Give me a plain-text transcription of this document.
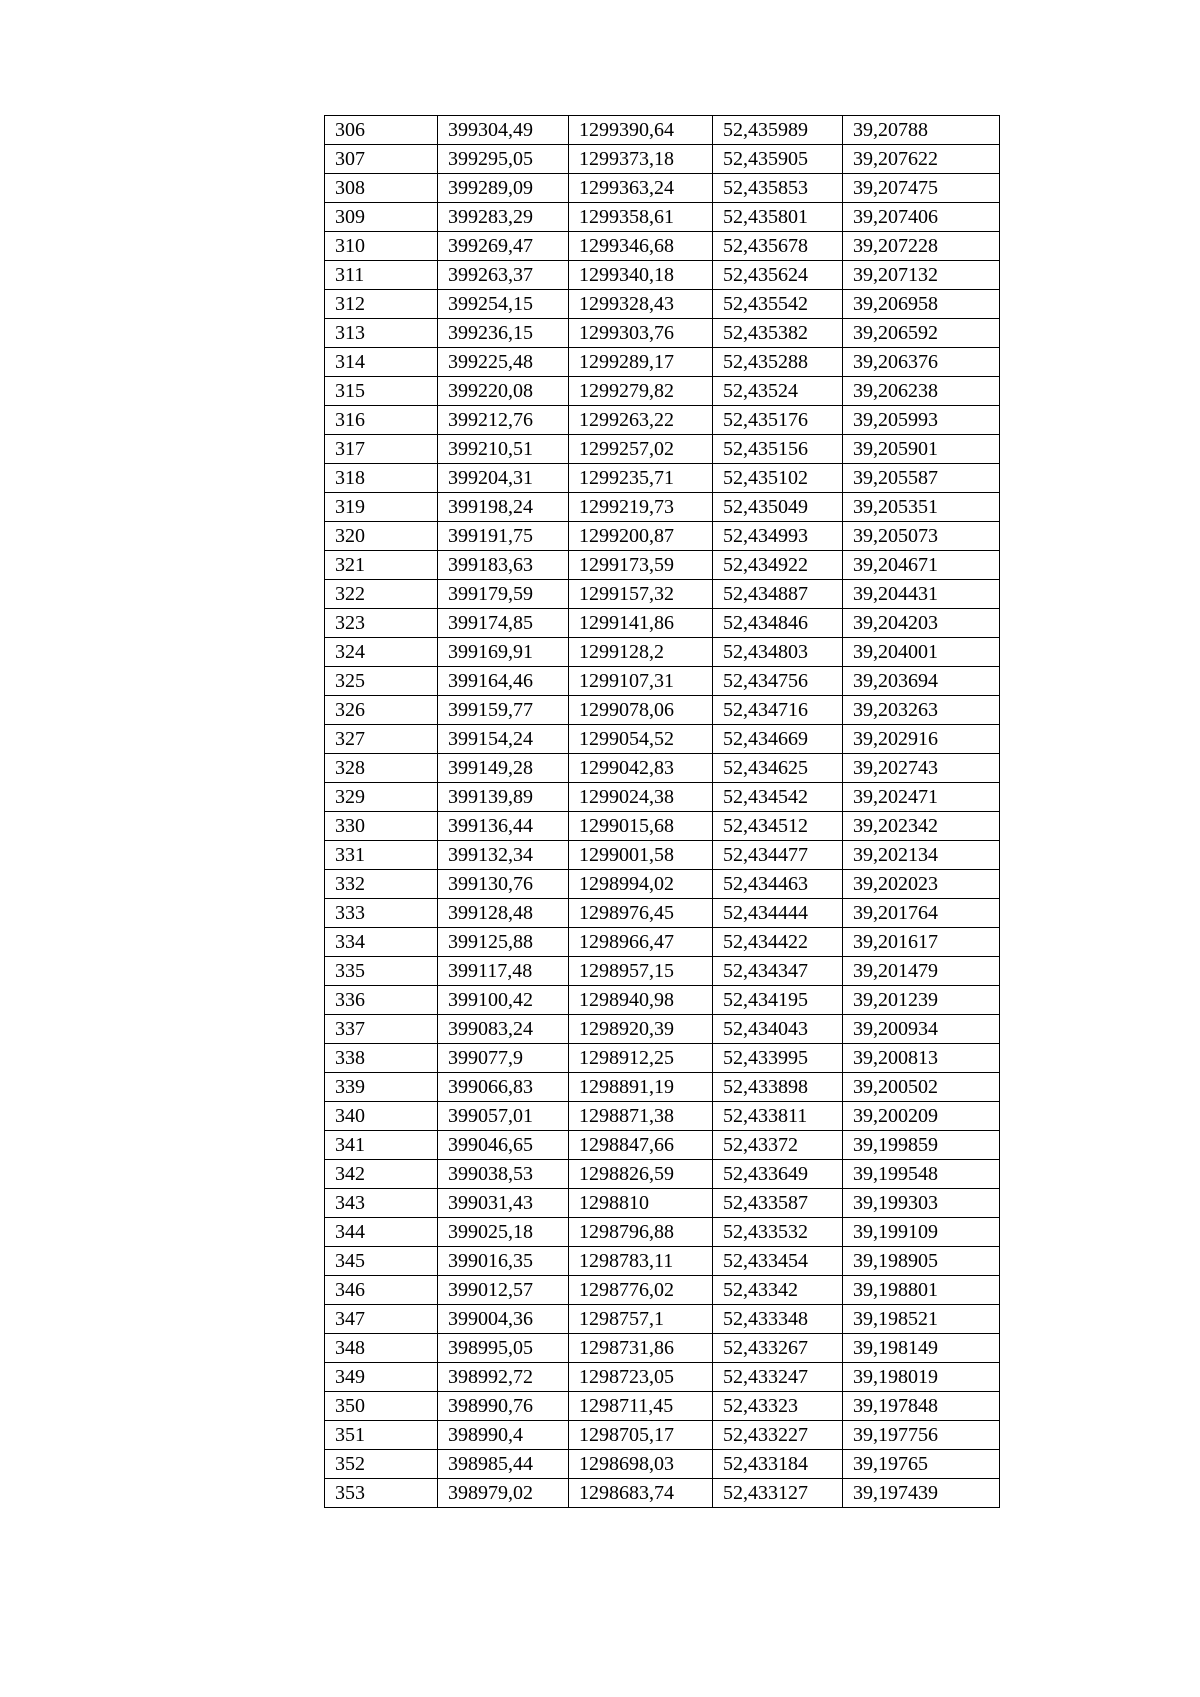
306	399304,49	1299390,64	52,435989	39,20788
307	399295,05	1299373,18	52,435905	39,207622
308	399289,09	1299363,24	52,435853	39,207475
309	399283,29	1299358,61	52,435801	39,207406
310	399269,47	1299346,68	52,435678	39,207228
311	399263,37	1299340,18	52,435624	39,207132
312	399254,15	1299328,43	52,435542	39,206958
313	399236,15	1299303,76	52,435382	39,206592
314	399225,48	1299289,17	52,435288	39,206376
315	399220,08	1299279,82	52,43524	39,206238
316	399212,76	1299263,22	52,435176	39,205993
317	399210,51	1299257,02	52,435156	39,205901
318	399204,31	1299235,71	52,435102	39,205587
319	399198,24	1299219,73	52,435049	39,205351
320	399191,75	1299200,87	52,434993	39,205073
321	399183,63	1299173,59	52,434922	39,204671
322	399179,59	1299157,32	52,434887	39,204431
323	399174,85	1299141,86	52,434846	39,204203
324	399169,91	1299128,2	52,434803	39,204001
325	399164,46	1299107,31	52,434756	39,203694
326	399159,77	1299078,06	52,434716	39,203263
327	399154,24	1299054,52	52,434669	39,202916
328	399149,28	1299042,83	52,434625	39,202743
329	399139,89	1299024,38	52,434542	39,202471
330	399136,44	1299015,68	52,434512	39,202342
331	399132,34	1299001,58	52,434477	39,202134
332	399130,76	1298994,02	52,434463	39,202023
333	399128,48	1298976,45	52,434444	39,201764
334	399125,88	1298966,47	52,434422	39,201617
335	399117,48	1298957,15	52,434347	39,201479
336	399100,42	1298940,98	52,434195	39,201239
337	399083,24	1298920,39	52,434043	39,200934
338	399077,9	1298912,25	52,433995	39,200813
339	399066,83	1298891,19	52,433898	39,200502
340	399057,01	1298871,38	52,433811	39,200209
341	399046,65	1298847,66	52,43372	39,199859
342	399038,53	1298826,59	52,433649	39,199548
343	399031,43	1298810	52,433587	39,199303
344	399025,18	1298796,88	52,433532	39,199109
345	399016,35	1298783,11	52,433454	39,198905
346	399012,57	1298776,02	52,43342	39,198801
347	399004,36	1298757,1	52,433348	39,198521
348	398995,05	1298731,86	52,433267	39,198149
349	398992,72	1298723,05	52,433247	39,198019
350	398990,76	1298711,45	52,43323	39,197848
351	398990,4	1298705,17	52,433227	39,197756
352	398985,44	1298698,03	52,433184	39,19765
353	398979,02	1298683,74	52,433127	39,197439
